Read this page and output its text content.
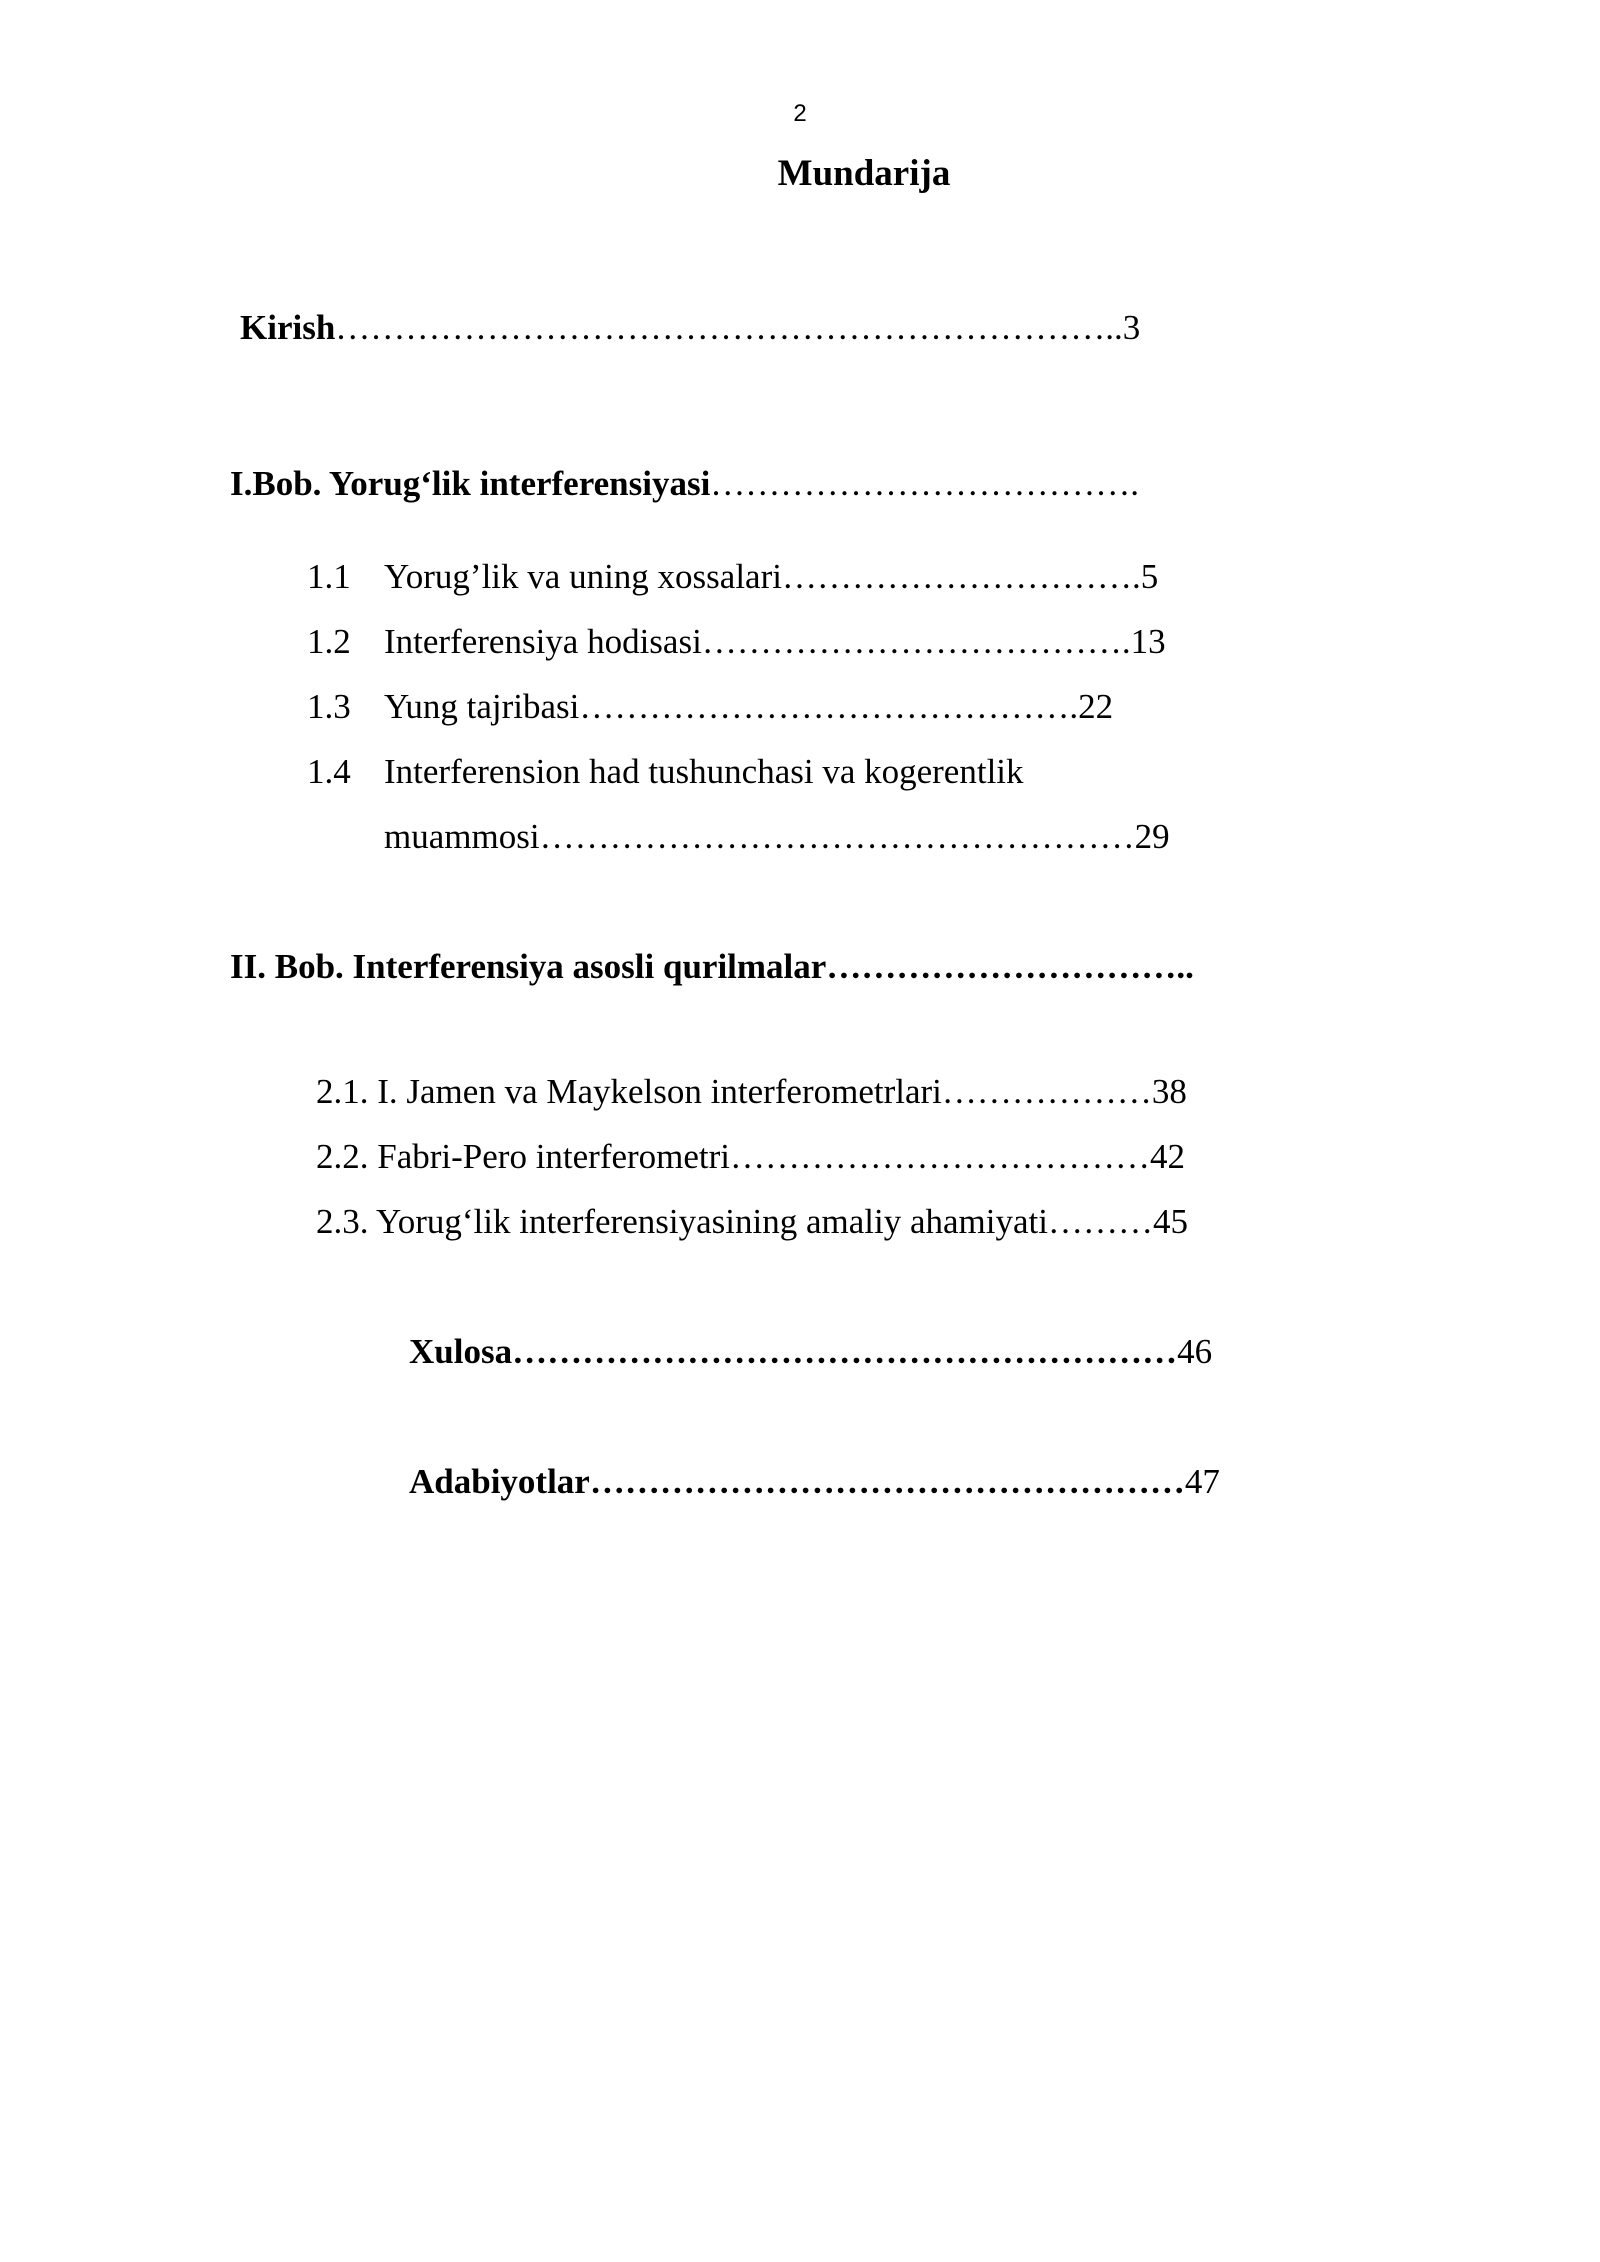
2
Mundarija
Kirish…………………………………………………………..3
I.Bob. Yorug‘lik interferensiyasi……………………………….
1.1 Yorug’lik va uning xossalari………………………….5
1.2 Interferensiya hodisasi……………………………….13
1.3 Yung tajribasi…………………………………….22
1.4 Interferension had tushunchasi va kogerentlik
muammosi……………………………………………29
II. Bob. Interferensiya asosli qurilmalar…………………………..
2.1. I. Jamen va Maykelson interferometrlari………………38
2.2. Fabri-Pero interferometri………………………………42
2.3. Yorug‘lik interferensiyasining amaliy ahamiyati………45
Xulosa…………………………………………………46
Adabiyotlar……………………………………………47
